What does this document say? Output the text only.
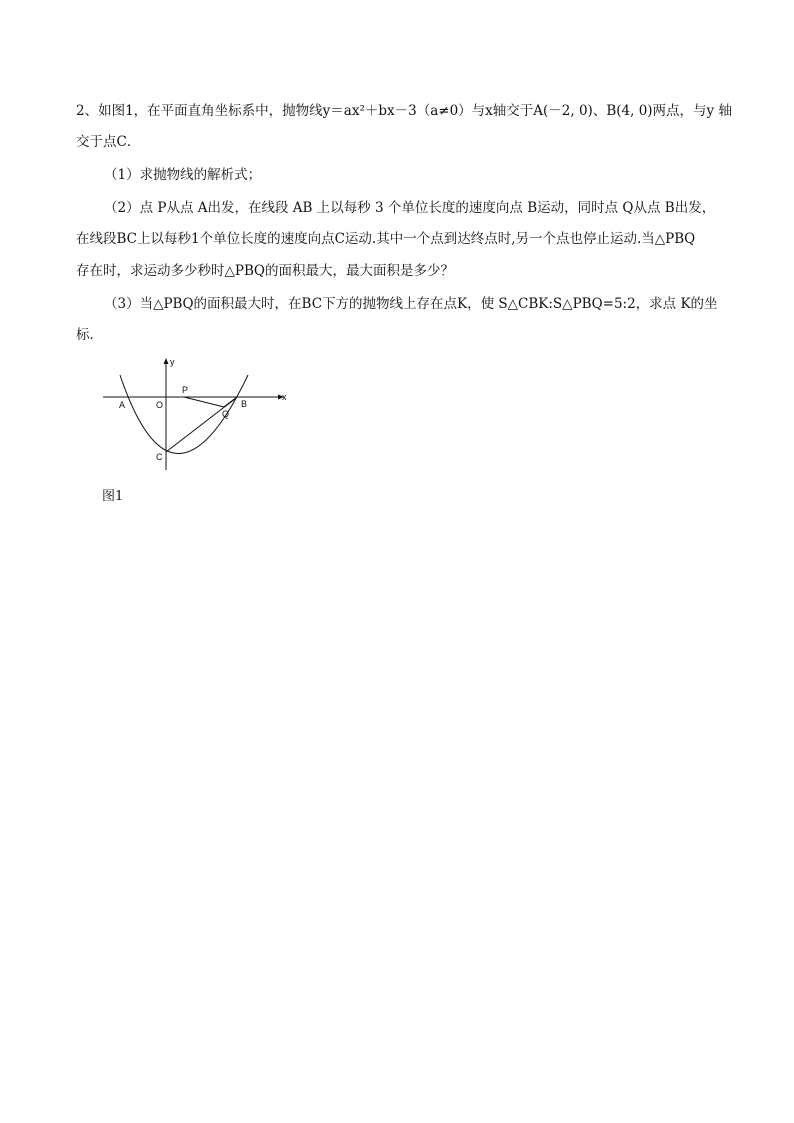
2、如图1，在平面直角坐标系中，抛物线y＝ax²＋bx－3（a≠0）与x轴交于A(－2, 0)、B(4, 0)两点，与y 轴
交于点C．
（1）求抛物线的解析式；
（2）点 P从点 A出发，在线段 AB 上以每秒 3 个单位长度的速度向点 B运动，同时点 Q从点 B出发，
在线段BC上以每秒1个单位长度的速度向点C运动.其中一个点到达终点时,另一个点也停止运动.当△PBQ
存在时，求运动多少秒时△PBQ的面积最大，最大面积是多少？
（3）当△PBQ的面积最大时，在BC下方的抛物线上存在点K，使 S△CBK:S△PBQ=5:2，求点 K的坐
标．
y
x
A	O
P
Q
B
C
图1
